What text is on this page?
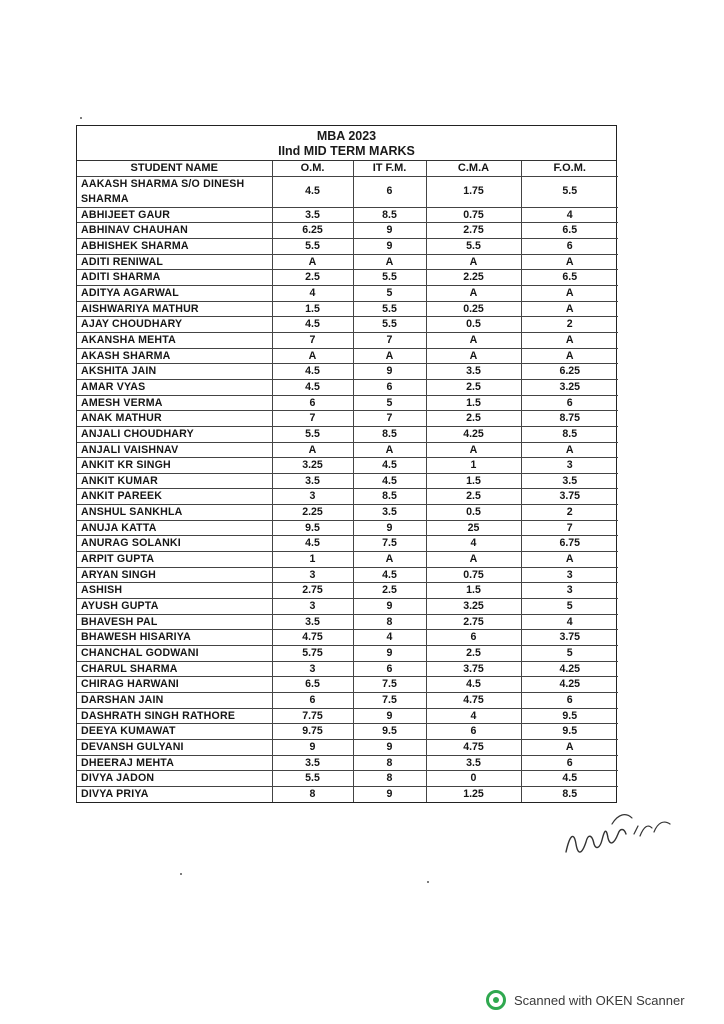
MBA 2023
IInd MID TERM MARKS
STUDENT NAME	O.M.	IT F.M.	C.M.A	F.O.M.
AAKASH SHARMA S/O DINESH SHARMA	4.5	6	1.75	5.5
ABHIJEET GAUR	3.5	8.5	0.75	4
ABHINAV CHAUHAN	6.25	9	2.75	6.5
ABHISHEK SHARMA	5.5	9	5.5	6
ADITI RENIWAL	A	A	A	A
ADITI SHARMA	2.5	5.5	2.25	6.5
ADITYA AGARWAL	4	5	A	A
AISHWARIYA MATHUR	1.5	5.5	0.25	A
AJAY CHOUDHARY	4.5	5.5	0.5	2
AKANSHA MEHTA	7	7	A	A
AKASH SHARMA	A	A	A	A
AKSHITA JAIN	4.5	9	3.5	6.25
AMAR VYAS	4.5	6	2.5	3.25
AMESH VERMA	6	5	1.5	6
ANAK MATHUR	7	7	2.5	8.75
ANJALI CHOUDHARY	5.5	8.5	4.25	8.5
ANJALI VAISHNAV	A	A	A	A
ANKIT KR SINGH	3.25	4.5	1	3
ANKIT KUMAR	3.5	4.5	1.5	3.5
ANKIT PAREEK	3	8.5	2.5	3.75
ANSHUL SANKHLA	2.25	3.5	0.5	2
ANUJA KATTA	9.5	9	25	7
ANURAG SOLANKI	4.5	7.5	4	6.75
ARPIT GUPTA	1	A	A	A
ARYAN SINGH	3	4.5	0.75	3
ASHISH	2.75	2.5	1.5	3
AYUSH GUPTA	3	9	3.25	5
BHAVESH PAL	3.5	8	2.75	4
BHAWESH HISARIYA	4.75	4	6	3.75
CHANCHAL GODWANI	5.75	9	2.5	5
CHARUL SHARMA	3	6	3.75	4.25
CHIRAG HARWANI	6.5	7.5	4.5	4.25
DARSHAN JAIN	6	7.5	4.75	6
DASHRATH SINGH RATHORE	7.75	9	4	9.5
DEEYA KUMAWAT	9.75	9.5	6	9.5
DEVANSH GULYANI	9	9	4.75	A
DHEERAJ MEHTA	3.5	8	3.5	6
DIVYA JADON	5.5	8	0	4.5
DIVYA PRIYA	8	9	1.25	8.5
Scanned with OKEN Scanner
